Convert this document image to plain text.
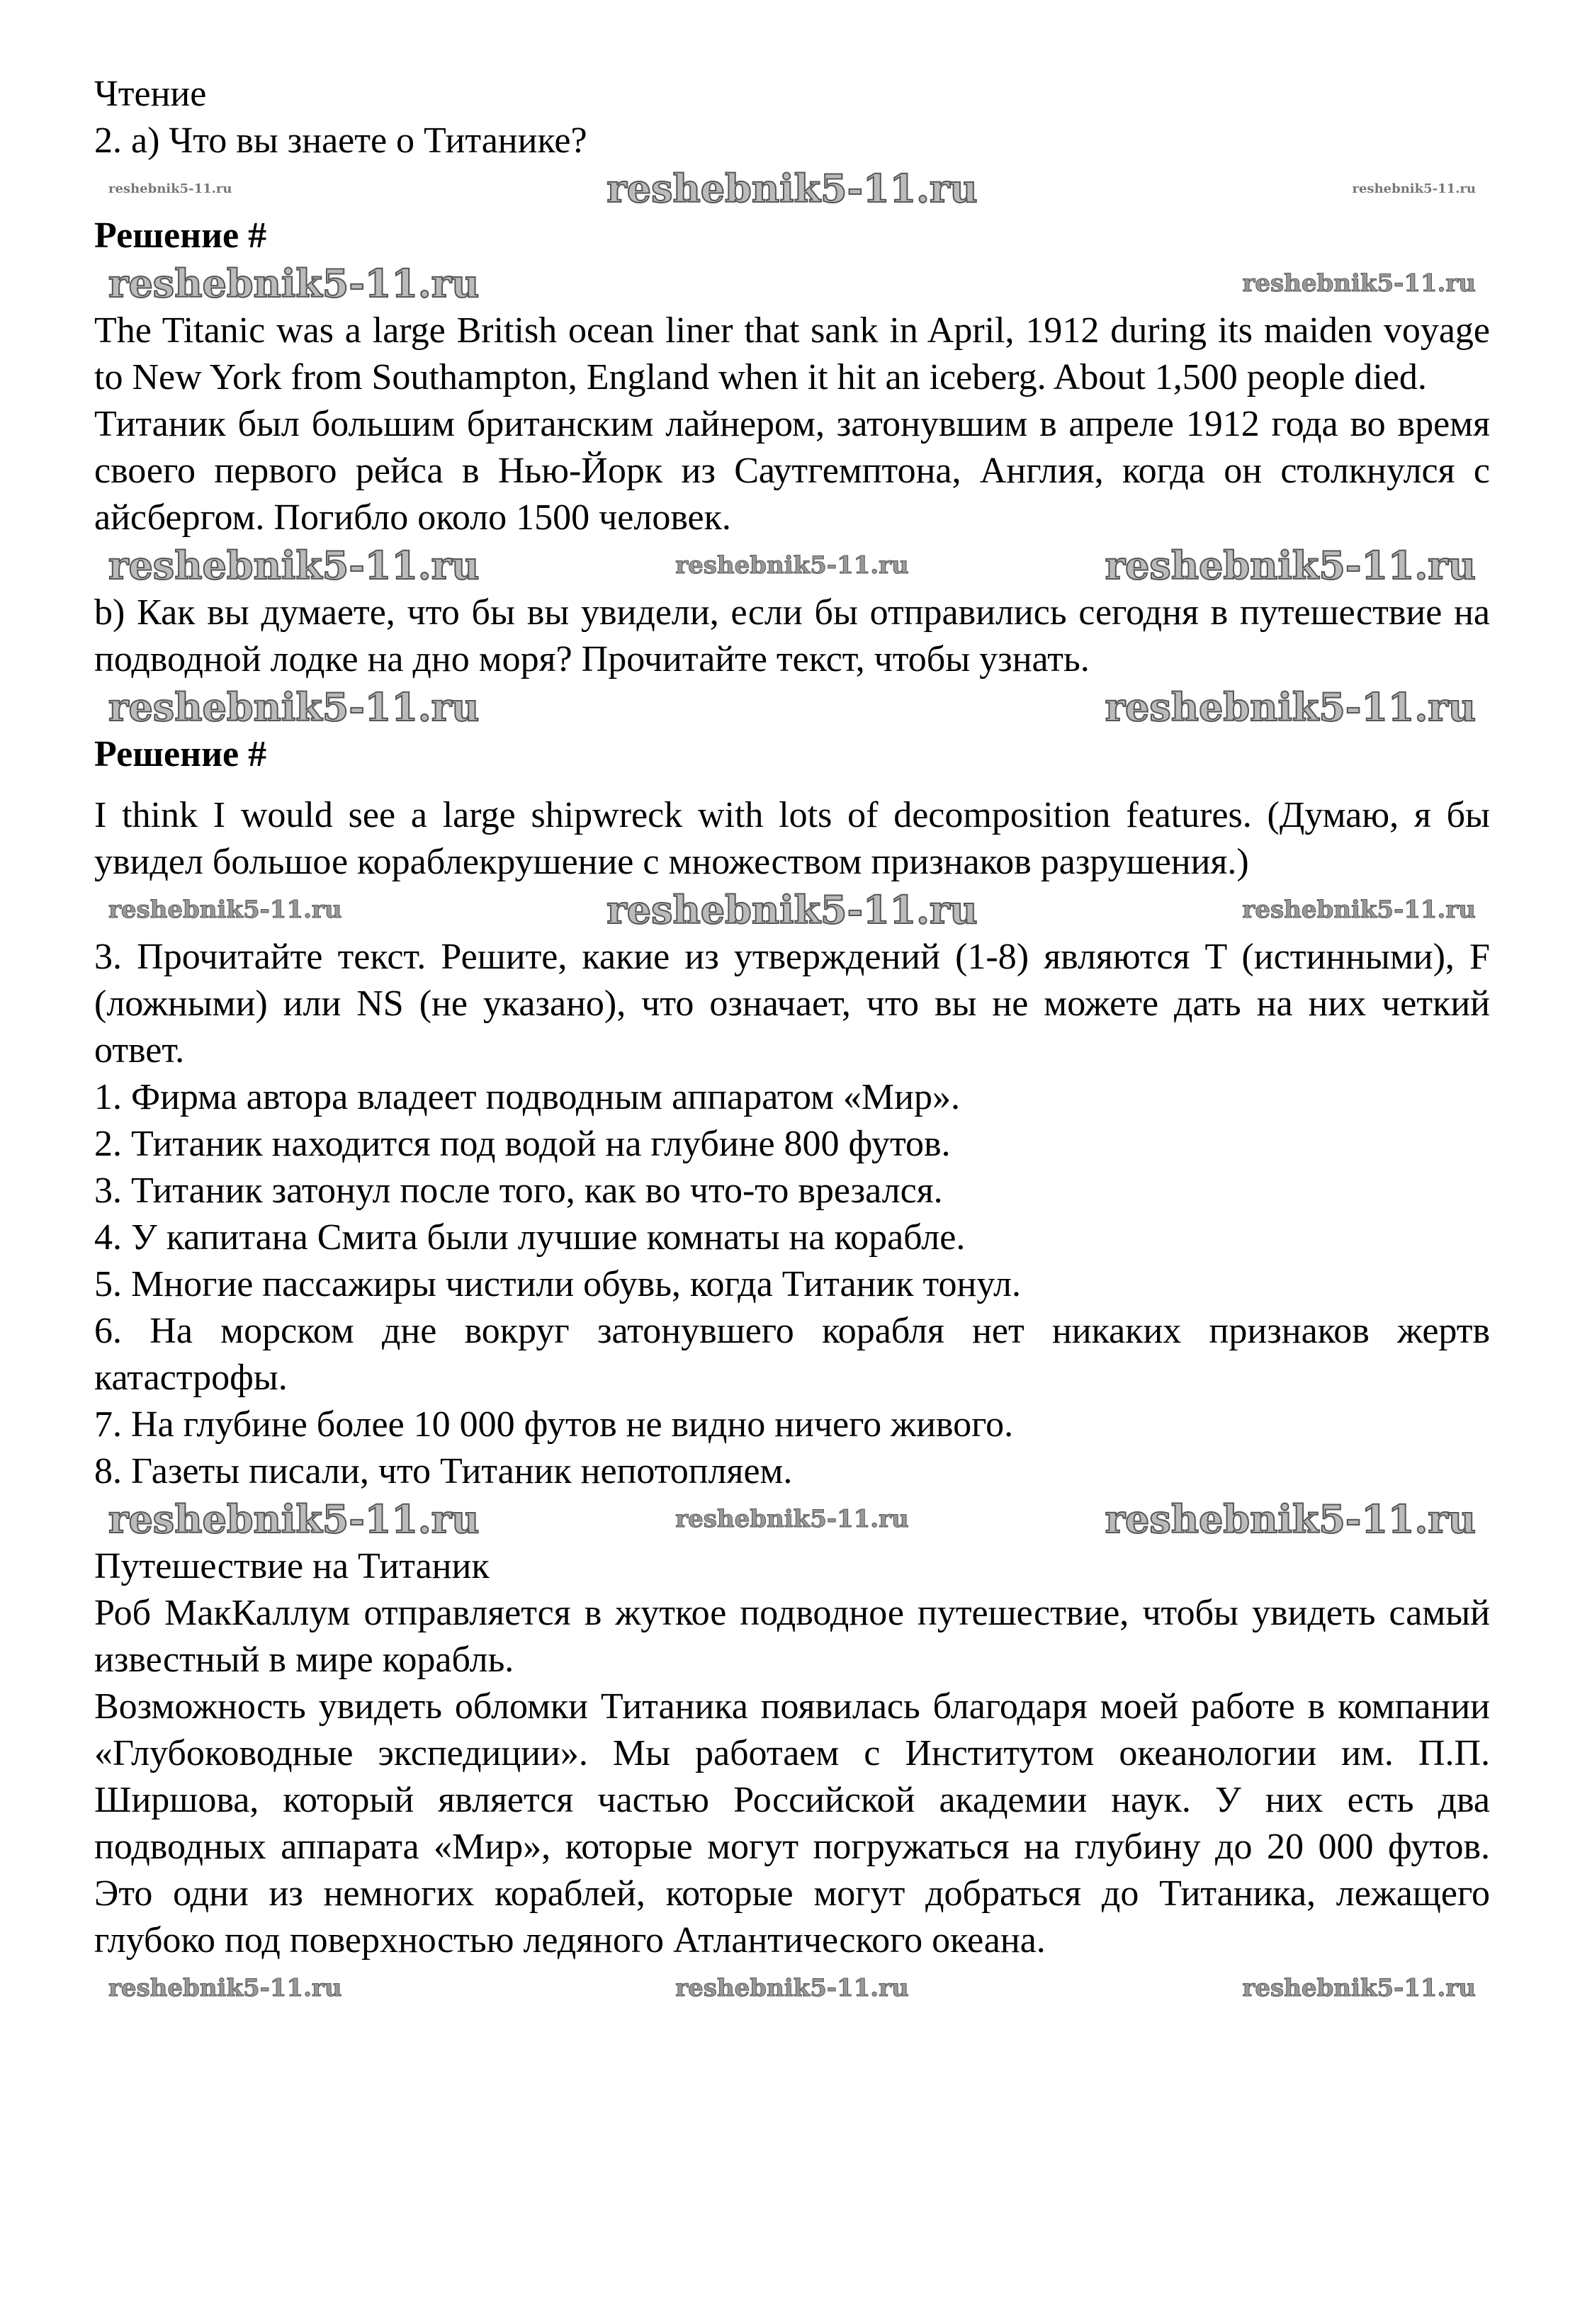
Чтение
2. a) Что вы знаете о Титанике?
reshebnik5-11.ru	reshebnik5-11.ru	reshebnik5-11.ru
Решение #
reshebnik5-11.ru	reshebnik5-11.ru
The Titanic was a large British ocean liner that sank in April, 1912 during its maiden voyage to New York from Southampton, England when it hit an iceberg. About 1,500 people died.
Титаник был большим британским лайнером, затонувшим в апреле 1912 года во время своего первого рейса в Нью-Йорк из Саутгемптона, Англия, когда он столкнулся с айсбергом. Погибло около 1500 человек.
reshebnik5-11.ru	reshebnik5-11.ru	reshebnik5-11.ru
b) Как вы думаете, что бы вы увидели, если бы отправились сегодня в путешествие на подводной лодке на дно моря? Прочитайте текст, чтобы узнать.
reshebnik5-11.ru	reshebnik5-11.ru
Решение #
I think I would see a large shipwreck with lots of decomposition features. (Думаю, я бы увидел большое кораблекрушение с множеством признаков разрушения.)
reshebnik5-11.ru	reshebnik5-11.ru	reshebnik5-11.ru
3. Прочитайте текст. Решите, какие из утверждений (1-8) являются T (истинными), F (ложными) или NS (не указано), что означает, что вы не можете дать на них четкий ответ.
1. Фирма автора владеет подводным аппаратом «Мир».
2. Титаник находится под водой на глубине 800 футов.
3. Титаник затонул после того, как во что-то врезался.
4. У капитана Смита были лучшие комнаты на корабле.
5. Многие пассажиры чистили обувь, когда Титаник тонул.
6. На морском дне вокруг затонувшего корабля нет никаких признаков жертв катастрофы.
7. На глубине более 10 000 футов не видно ничего живого.
8. Газеты писали, что Титаник непотопляем.
reshebnik5-11.ru	reshebnik5-11.ru	reshebnik5-11.ru
Путешествие на Титаник
Роб МакКаллум отправляется в жуткое подводное путешествие, чтобы увидеть самый известный в мире корабль.
Возможность увидеть обломки Титаника появилась благодаря моей работе в компании «Глубоководные экспедиции». Мы работаем с Институтом океанологии им. П.П. Ширшова, который является частью Российской академии наук. У них есть два подводных аппарата «Мир», которые могут погружаться на глубину до 20 000 футов. Это одни из немногих кораблей, которые могут добраться до Титаника, лежащего глубоко под поверхностью ледяного Атлантического океана.
reshebnik5-11.ru	reshebnik5-11.ru	reshebnik5-11.ru
